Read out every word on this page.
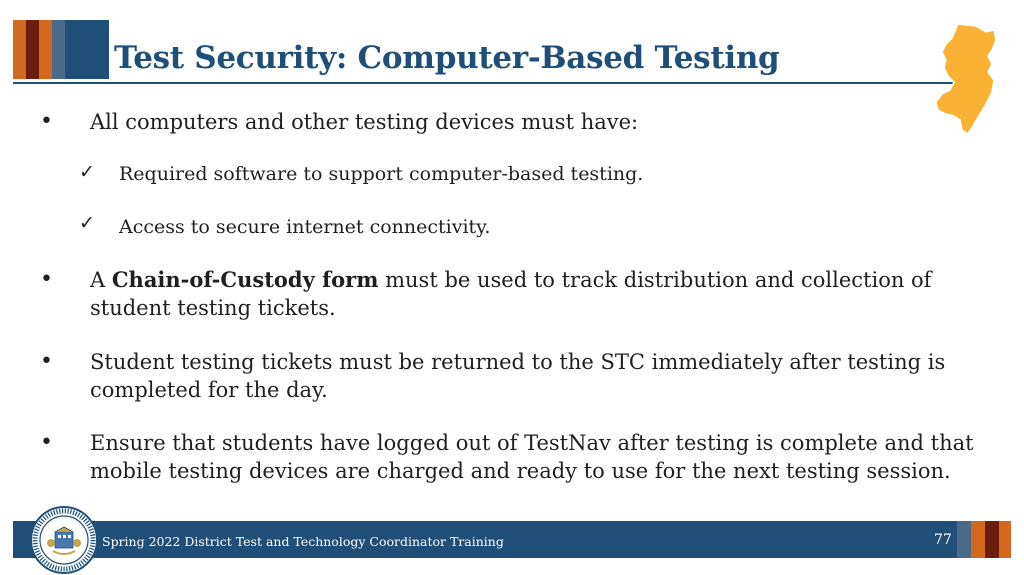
Test Security: Computer-Based Testing
• All computers and other testing devices must have:
✓ Required software to support computer-based testing.
✓ Access to secure internet connectivity.
• A Chain-of-Custody form must be used to track distribution and collection of
student testing tickets.
• Student testing tickets must be returned to the STC immediately after testing is
completed for the day.
• Ensure that students have logged out of TestNav after testing is complete and that
mobile testing devices are charged and ready to use for the next testing session.
Spring 2022 District Test and Technology Coordinator Training	77
